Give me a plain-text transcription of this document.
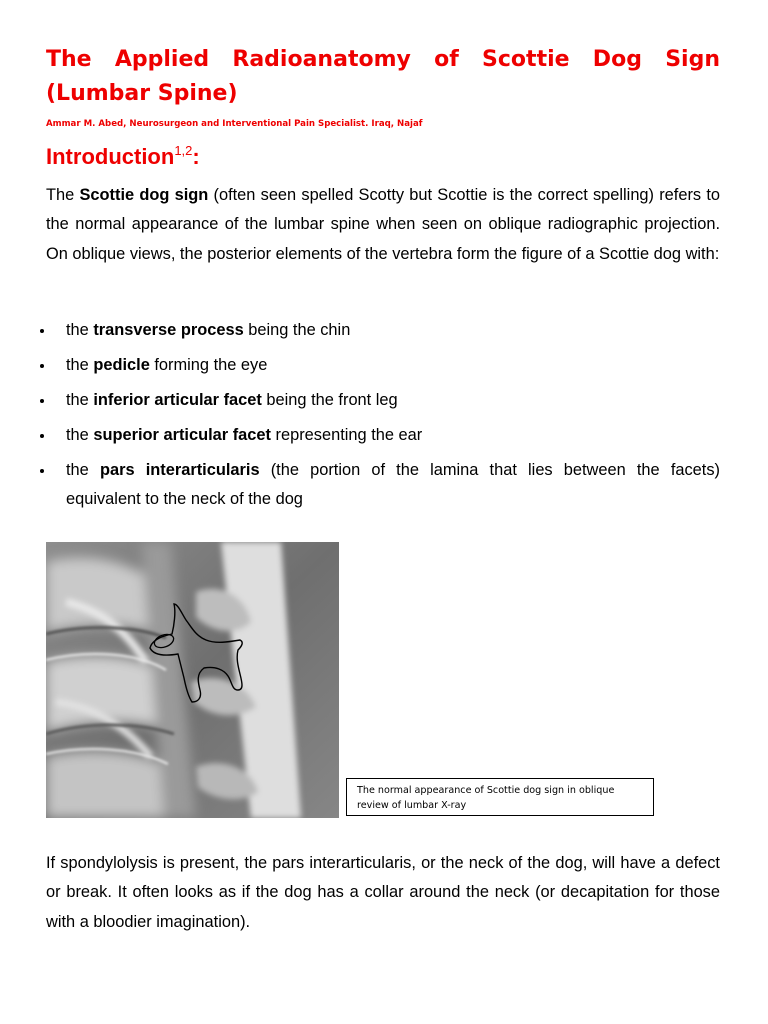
The Applied Radioanatomy of Scottie Dog Sign (Lumbar Spine)
Ammar M. Abed, Neurosurgeon and Interventional Pain Specialist. Iraq, Najaf
Introduction$^{1,2}$:

The Scottie dog sign (often seen spelled Scotty but Scottie is the correct spelling) refers to the normal appearance of the lumbar spine when seen on oblique radiographic projection. On oblique views, the posterior elements of the vertebra form the figure of a Scottie dog with:

the transverse process being the chin
the pedicle forming the eye
the inferior articular facet being the front leg
the superior articular facet representing the ear
the pars interarticularis (the portion of the lamina that lies between the facets) equivalent to the neck of the dog
The normal appearance of Scottie dog sign in oblique review of lumbar X-ray

If spondylolysis is present, the pars interarticularis, or the neck of the dog, will have a defect or break. It often looks as if the dog has a collar around the neck (or decapitation for those with a bloodier imagination).
